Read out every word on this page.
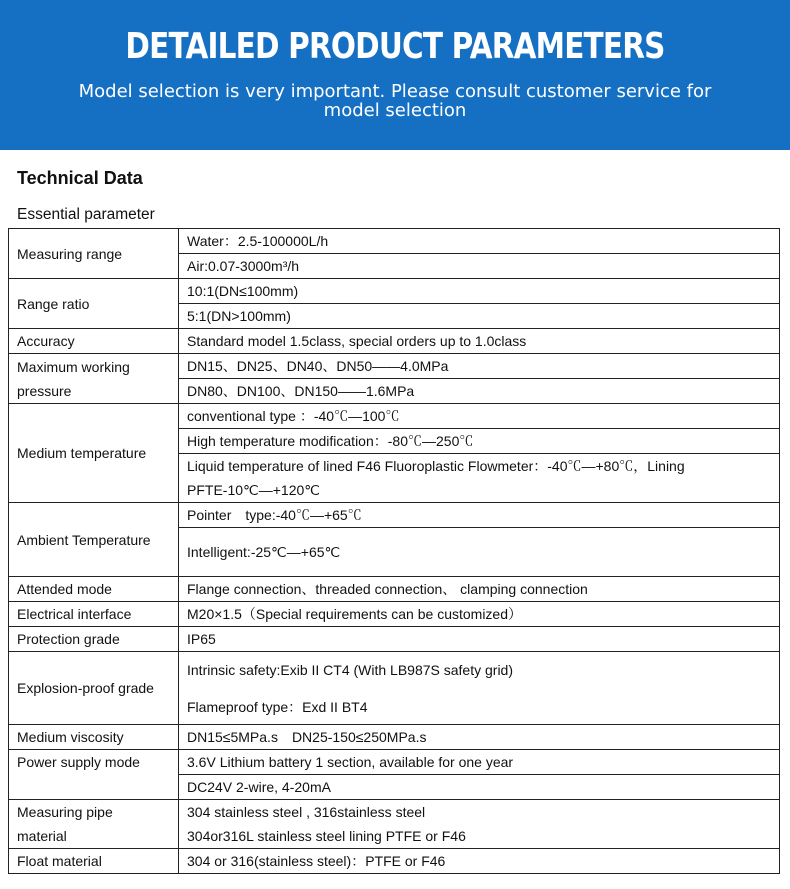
DETAILED PRODUCT PARAMETERS
Model selection is very important. Please consult customer service for model selection
Technical Data
Essential parameter
Measuring range	Water：2.5-100000L/h
	Air:0.07-3000m³/h
Range ratio	10:1(DN≤100mm)
	5:1(DN>100mm)
Accuracy	Standard model 1.5class, special orders up to 1.0class

Maximum working
pressure	DN15、DN25、DN40、DN50——4.0MPa
	DN80、DN100、DN150——1.6MPa
Medium temperature	conventional type ：-40℃—100℃
	High temperature modification：-80℃—250℃

	Liquid temperature of lined F46 Fluoroplastic Flowmeter：-40℃—+80℃，Lining
PFTE-10℃—+120℃

Ambient Temperature	Pointer　type:-40℃—+65℃
	Intelligent:-25℃—+65℃
Attended mode	Flange connection、threaded connection、 clamping connection
Electrical interface	M20×1.5（Special requirements can be customized）
Protection grade	IP65
Explosion-proof grade	Intrinsic safety:Exib II CT4 (With LB987S safety grid)
Flameproof type：Exd II BT4

Medium viscosity	DN15≤5MPa.s　DN25-150≤250MPa.s
Power supply mode	3.6V Lithium battery 1 section, available for one year
	DC24V 2-wire, 4-20mA

Measuring pipe
material	304 stainless steel , 316stainless steel
304or316L stainless steel lining PTFE or F46

Float material	304 or 316(stainless steel)：PTFE or F46
